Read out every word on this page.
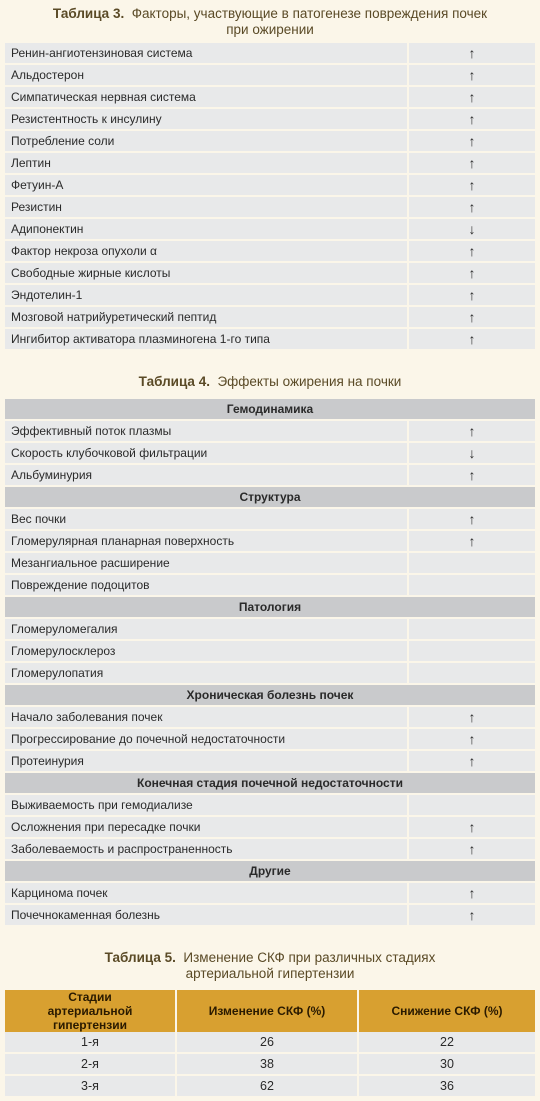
Таблица 3. Факторы, участвующие в патогенезе повреждения почек
при ожирении
Ренин-ангиотензиновая система	↑
Альдостерон	↑
Симпатическая нервная система	↑
Резистентность к инсулину	↑
Потребление соли	↑
Лептин	↑
Фетуин-А	↑
Резистин	↑
Адипонектин	↓
Фактор некроза опухоли α	↑
Свободные жирные кислоты	↑
Эндотелин-1	↑
Мозговой натрийуретический пептид	↑
Ингибитор активатора плазминогена 1-го типа	↑
Таблица 4. Эффекты ожирения на почки
Гемодинамика	
Эффективный поток плазмы	↑
Скорость клубочковой фильтрации	↓
Альбуминурия	↑
Структура	
Вес почки	↑
Гломерулярная планарная поверхность	↑
Мезангиальное расширение	
Повреждение подоцитов	
Патология	
Гломеруломегалия	
Гломерулосклероз	
Гломерулопатия	
Хроническая болезнь почек	
Начало заболевания почек	↑
Прогрессирование до почечной недостаточности	↑
Протеинурия	↑
Конечная стадия почечной недостаточности	
Выживаемость при гемодиализе	
Осложнения при пересадке почки	↑
Заболеваемость и распространенность	↑
Другие	
Карцинома почек	↑
Почечнокаменная болезнь	↑
Таблица 5. Изменение СКФ при различных стадиях
артериальной гипертензии
Стадии артериальной гипертензии	Изменение СКФ (%)	Снижение СКФ (%)
1-я	26	22
2-я	38	30
3-я	62	36
